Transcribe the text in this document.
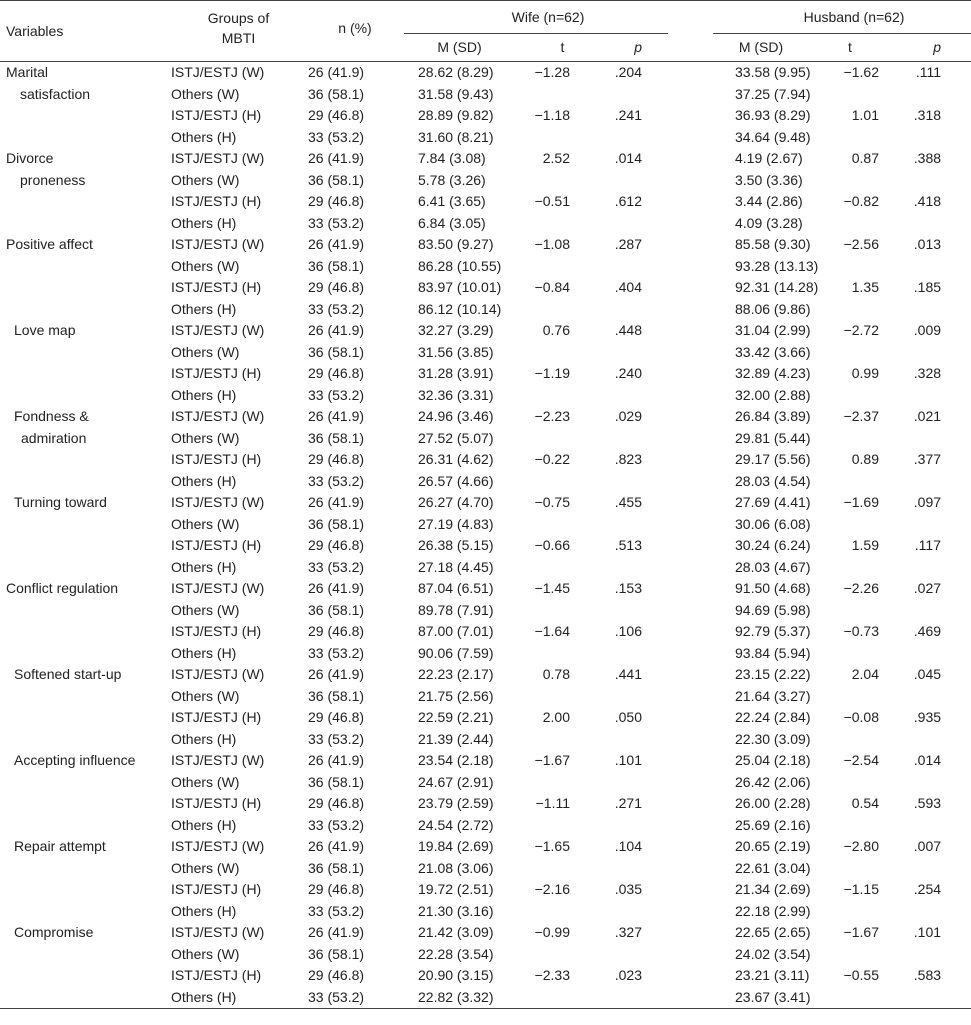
Variables	Groups of
MBTI	n (%)	Wife (n=62)				Husband (n=62)		
			M (SD)	t	p		M (SD)	t	p
Marital	ISTJ/ESTJ (W)	26 (41.9)	28.62 (8.29)	−1.28	.204		33.58 (9.95)	−1.62	.111
satisfaction	Others (W)	36 (58.1)	31.58 (9.43)				37.25 (7.94)		
	ISTJ/ESTJ (H)	29 (46.8)	28.89 (9.82)	−1.18	.241		36.93 (8.29)	1.01	.318
	Others (H)	33 (53.2)	31.60 (8.21)				34.64 (9.48)		
Divorce	ISTJ/ESTJ (W)	26 (41.9)	7.84 (3.08)	2.52	.014		4.19 (2.67)	0.87	.388
proneness	Others (W)	36 (58.1)	5.78 (3.26)				3.50 (3.36)		
	ISTJ/ESTJ (H)	29 (46.8)	6.41 (3.65)	−0.51	.612		3.44 (2.86)	−0.82	.418
	Others (H)	33 (53.2)	6.84 (3.05)				4.09 (3.28)		
Positive affect	ISTJ/ESTJ (W)	26 (41.9)	83.50 (9.27)	−1.08	.287		85.58 (9.30)	−2.56	.013
	Others (W)	36 (58.1)	86.28 (10.55)				93.28 (13.13)		
	ISTJ/ESTJ (H)	29 (46.8)	83.97 (10.01)	−0.84	.404		92.31 (14.28)	1.35	.185
	Others (H)	33 (53.2)	86.12 (10.14)				88.06 (9.86)		
Love map	ISTJ/ESTJ (W)	26 (41.9)	32.27 (3.29)	0.76	.448		31.04 (2.99)	−2.72	.009
	Others (W)	36 (58.1)	31.56 (3.85)				33.42 (3.66)		
	ISTJ/ESTJ (H)	29 (46.8)	31.28 (3.91)	−1.19	.240		32.89 (4.23)	0.99	.328
	Others (H)	33 (53.2)	32.36 (3.31)				32.00 (2.88)		
Fondness &	ISTJ/ESTJ (W)	26 (41.9)	24.96 (3.46)	−2.23	.029		26.84 (3.89)	−2.37	.021
admiration	Others (W)	36 (58.1)	27.52 (5.07)				29.81 (5.44)		
	ISTJ/ESTJ (H)	29 (46.8)	26.31 (4.62)	−0.22	.823		29.17 (5.56)	0.89	.377
	Others (H)	33 (53.2)	26.57 (4.66)				28.03 (4.54)		
Turning toward	ISTJ/ESTJ (W)	26 (41.9)	26.27 (4.70)	−0.75	.455		27.69 (4.41)	−1.69	.097
	Others (W)	36 (58.1)	27.19 (4.83)				30.06 (6.08)		
	ISTJ/ESTJ (H)	29 (46.8)	26.38 (5.15)	−0.66	.513		30.24 (6.24)	1.59	.117
	Others (H)	33 (53.2)	27.18 (4.45)				28.03 (4.67)		
Conflict regulation	ISTJ/ESTJ (W)	26 (41.9)	87.04 (6.51)	−1.45	.153		91.50 (4.68)	−2.26	.027
	Others (W)	36 (58.1)	89.78 (7.91)				94.69 (5.98)		
	ISTJ/ESTJ (H)	29 (46.8)	87.00 (7.01)	−1.64	.106		92.79 (5.37)	−0.73	.469
	Others (H)	33 (53.2)	90.06 (7.59)				93.84 (5.94)		
Softened start-up	ISTJ/ESTJ (W)	26 (41.9)	22.23 (2.17)	0.78	.441		23.15 (2.22)	2.04	.045
	Others (W)	36 (58.1)	21.75 (2.56)				21.64 (3.27)		
	ISTJ/ESTJ (H)	29 (46.8)	22.59 (2.21)	2.00	.050		22.24 (2.84)	−0.08	.935
	Others (H)	33 (53.2)	21.39 (2.44)				22.30 (3.09)		
Accepting influence	ISTJ/ESTJ (W)	26 (41.9)	23.54 (2.18)	−1.67	.101		25.04 (2.18)	−2.54	.014
	Others (W)	36 (58.1)	24.67 (2.91)				26.42 (2.06)		
	ISTJ/ESTJ (H)	29 (46.8)	23.79 (2.59)	−1.11	.271		26.00 (2.28)	0.54	.593
	Others (H)	33 (53.2)	24.54 (2.72)				25.69 (2.16)		
Repair attempt	ISTJ/ESTJ (W)	26 (41.9)	19.84 (2.69)	−1.65	.104		20.65 (2.19)	−2.80	.007
	Others (W)	36 (58.1)	21.08 (3.06)				22.61 (3.04)		
	ISTJ/ESTJ (H)	29 (46.8)	19.72 (2.51)	−2.16	.035		21.34 (2.69)	−1.15	.254
	Others (H)	33 (53.2)	21.30 (3.16)				22.18 (2.99)		
Compromise	ISTJ/ESTJ (W)	26 (41.9)	21.42 (3.09)	−0.99	.327		22.65 (2.65)	−1.67	.101
	Others (W)	36 (58.1)	22.28 (3.54)				24.02 (3.54)		
	ISTJ/ESTJ (H)	29 (46.8)	20.90 (3.15)	−2.33	.023		23.21 (3.11)	−0.55	.583
	Others (H)	33 (53.2)	22.82 (3.32)				23.67 (3.41)		
